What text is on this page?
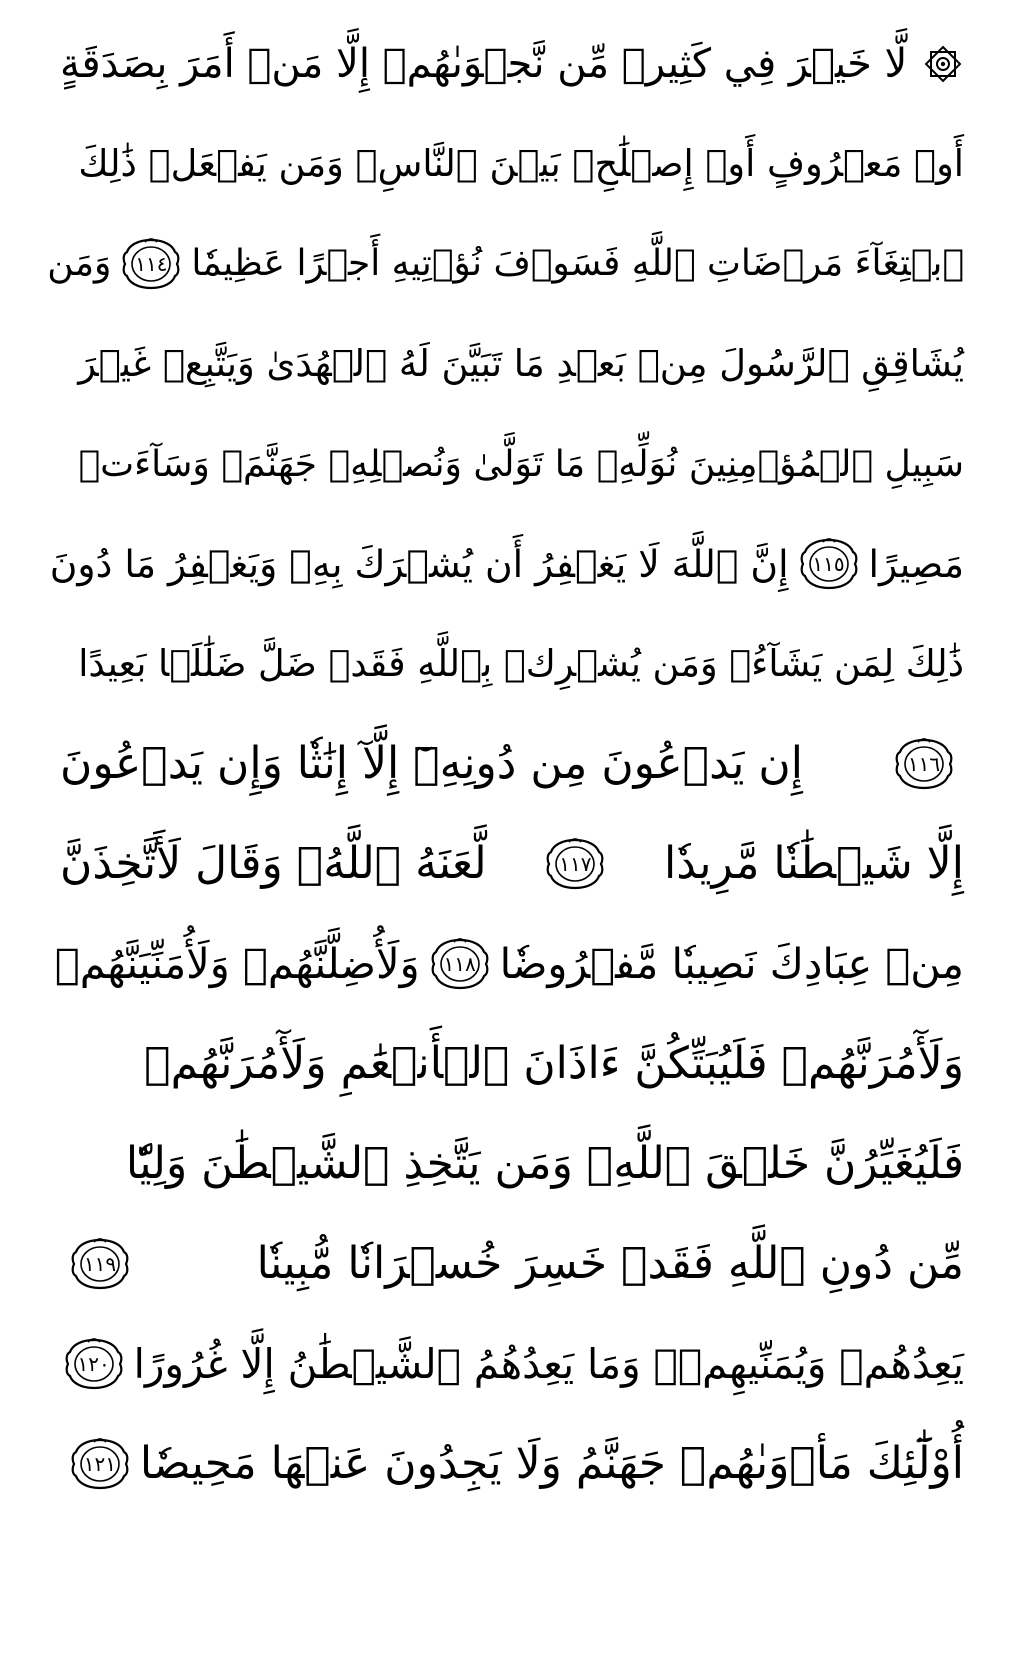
لَّا خَيۡرَ فِي كَثِيرٖ مِّن نَّجۡوَىٰهُمۡ إِلَّا مَنۡ أَمَرَ بِصَدَقَةٍ
أَوۡ مَعۡرُوفٍ أَوۡ إِصۡلَٰحِۭ بَيۡنَ ٱلنَّاسِۚ وَمَن يَفۡعَلۡ ذَٰلِكَ
ٱبۡتِغَآءَ مَرۡضَاتِ ٱللَّهِ فَسَوۡفَ نُؤۡتِيهِ أَجۡرًا عَظِيمٗا
١١٤
وَمَن
يُشَاقِقِ ٱلرَّسُولَ مِنۢ بَعۡدِ مَا تَبَيَّنَ لَهُ ٱلۡهُدَىٰ وَيَتَّبِعۡ غَيۡرَ
سَبِيلِ ٱلۡمُؤۡمِنِينَ نُوَلِّهِۦ مَا تَوَلَّىٰ وَنُصۡلِهِۦ جَهَنَّمَۖ وَسَآءَتۡ
مَصِيرًا
١١٥
إِنَّ ٱللَّهَ لَا يَغۡفِرُ أَن يُشۡرَكَ بِهِۦ وَيَغۡفِرُ مَا دُونَ
ذَٰلِكَ لِمَن يَشَآءُۚ وَمَن يُشۡرِكۡ بِٱللَّهِ فَقَدۡ ضَلَّ ضَلَٰلَۢا بَعِيدًا
١١٦
إِن يَدۡعُونَ مِن دُونِهِۦٓ إِلَّآ إِنَٰثٗا وَإِن يَدۡعُونَ
إِلَّا شَيۡطَٰنٗا مَّرِيدٗا
١١٧
لَّعَنَهُ ٱللَّهُۘ وَقَالَ لَأَتَّخِذَنَّ
مِنۡ عِبَادِكَ نَصِيبٗا مَّفۡرُوضٗا
١١٨
وَلَأُضِلَّنَّهُمۡ وَلَأُمَنِّيَنَّهُمۡ
وَلَأٓمُرَنَّهُمۡ فَلَيُبَتِّكُنَّ ءَاذَانَ ٱلۡأَنۡعَٰمِ وَلَأٓمُرَنَّهُمۡ
فَلَيُغَيِّرُنَّ خَلۡقَ ٱللَّهِۚ وَمَن يَتَّخِذِ ٱلشَّيۡطَٰنَ وَلِيّٗا
مِّن دُونِ ٱللَّهِ فَقَدۡ خَسِرَ خُسۡرَانٗا مُّبِينٗا
١١٩
يَعِدُهُمۡ وَيُمَنِّيهِمۡۖ وَمَا يَعِدُهُمُ ٱلشَّيۡطَٰنُ إِلَّا غُرُورًا
١٢٠
أُوْلَٰٓئِكَ مَأۡوَىٰهُمۡ جَهَنَّمُ وَلَا يَجِدُونَ عَنۡهَا مَحِيصٗا
١٢١
